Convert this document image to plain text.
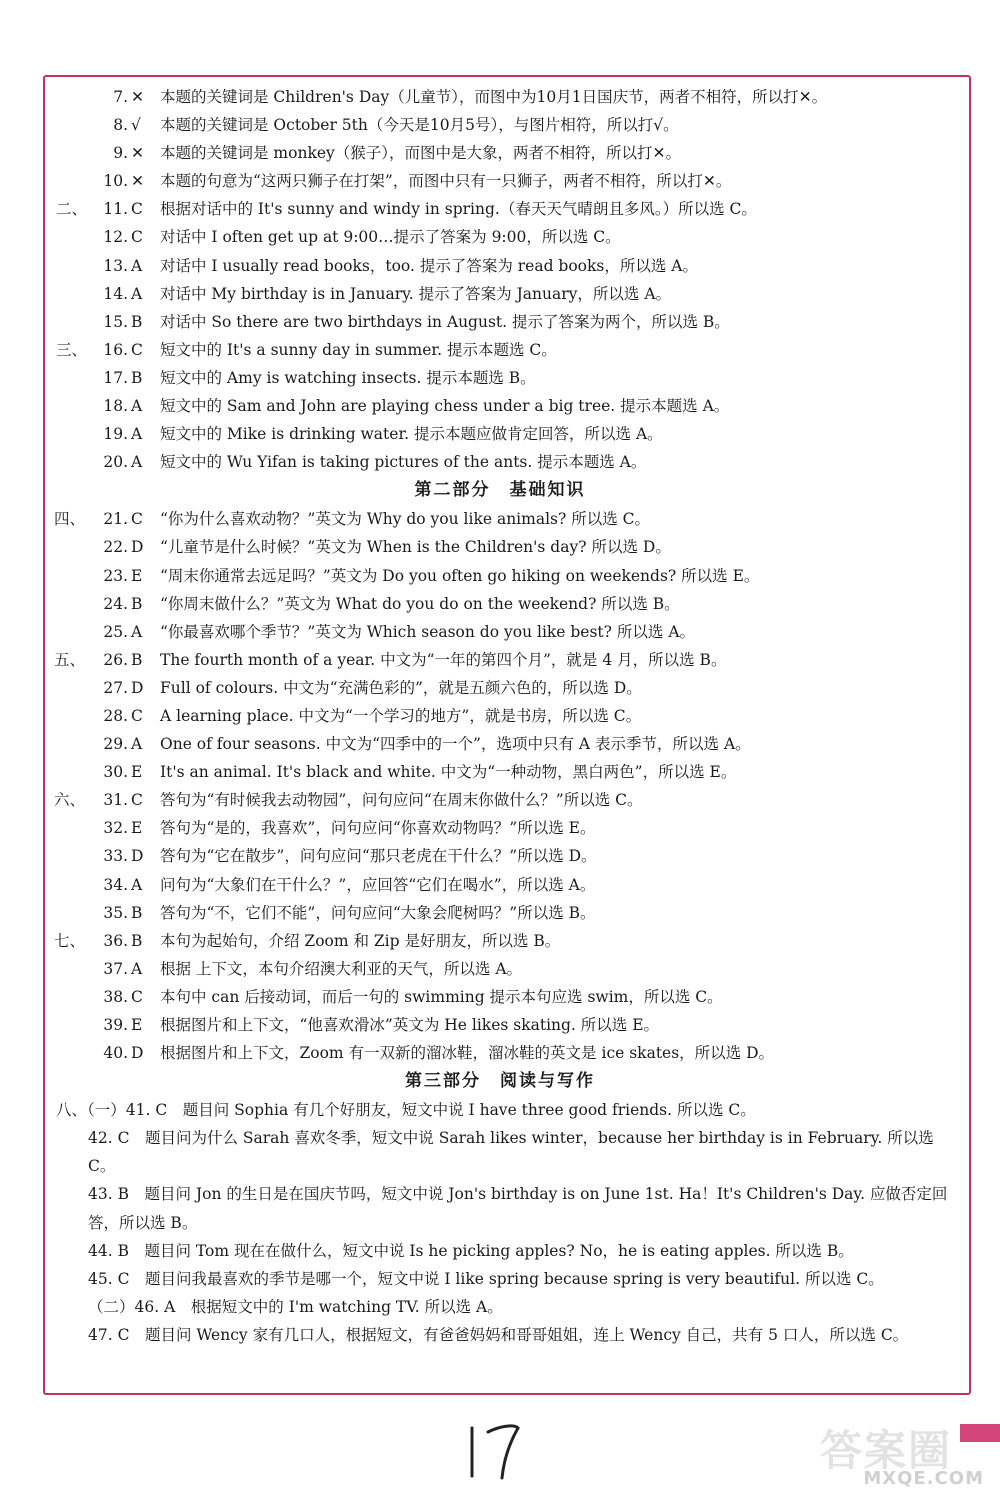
7. ✕	本题的关键词是 Children's Day（儿童节），而图中为10月1日国庆节，两者不相符，所以打✕。
8. √	本题的关键词是 October 5th（今天是10月5号），与图片相符，所以打√。
9. ✕	本题的关键词是 monkey（猴子），而图中是大象，两者不相符，所以打✕。
10. ✕	本题的句意为“这两只狮子在打架”，而图中只有一只狮子，两者不相符，所以打✕。
二、	11. C	根据对话中的 It's sunny and windy in spring.（春天天气晴朗且多风。）所以选 C。
12. C	对话中 I often get up at 9:00…提示了答案为 9:00，所以选 C。
13. A	对话中 I usually read books，too. 提示了答案为 read books，所以选 A。
14. A	对话中 My birthday is in January. 提示了答案为 January，所以选 A。
15. B	对话中 So there are two birthdays in August. 提示了答案为两个，所以选 B。
三、	16. C	短文中的 It's a sunny day in summer. 提示本题选 C。
17. B	短文中的 Amy is watching insects. 提示本题选 B。
18. A	短文中的 Sam and John are playing chess under a big tree. 提示本题选 A。
19. A	短文中的 Mike is drinking water. 提示本题应做肯定回答，所以选 A。
20. A	短文中的 Wu Yifan is taking pictures of the ants. 提示本题选 A。
第二部分　基础知识
四、	21. C	“你为什么喜欢动物？”英文为 Why do you like animals? 所以选 C。
22. D	“儿童节是什么时候？”英文为 When is the Children's day? 所以选 D。
23. E	“周末你通常去远足吗？”英文为 Do you often go hiking on weekends? 所以选 E。
24. B	“你周末做什么？”英文为 What do you do on the weekend? 所以选 B。
25. A	“你最喜欢哪个季节？”英文为 Which season do you like best? 所以选 A。
五、	26. B	The fourth month of a year. 中文为“一年的第四个月”，就是 4 月，所以选 B。
27. D	Full of colours. 中文为“充满色彩的”，就是五颜六色的，所以选 D。
28. C	A learning place. 中文为“一个学习的地方”，就是书房，所以选 C。
29. A	One of four seasons. 中文为“四季中的一个”，选项中只有 A 表示季节，所以选 A。
30. E	It's an animal. It's black and white. 中文为“一种动物，黑白两色”，所以选 E。
六、	31. C	答句为“有时候我去动物园”，问句应问“在周末你做什么？”所以选 C。
32. E	答句为“是的，我喜欢”，问句应问“你喜欢动物吗？”所以选 E。
33. D	答句为“它在散步”，问句应问“那只老虎在干什么？”所以选 D。
34. A	问句为“大象们在干什么？”，应回答“它们在喝水”，所以选 A。
35. B	答句为“不，它们不能”，问句应问“大象会爬树吗？”所以选 B。
七、	36. B	本句为起始句，介绍 Zoom 和 Zip 是好朋友，所以选 B。
37. A	根据 上下文，本句介绍澳大利亚的天气，所以选 A。
38. C	本句中 can 后接动词，而后一句的 swimming 提示本句应选 swim，所以选 C。
39. E	根据图片和上下文，“他喜欢滑冰”英文为 He likes skating. 所以选 E。
40. D	根据图片和上下文，Zoom 有一双新的溜冰鞋，溜冰鞋的英文是 ice skates，所以选 D。
第三部分　阅读与写作
八、（一）41. C　 题目问 Sophia 有几个好朋友，短文中说 I have three good friends. 所以选 C。
42. C　 题目问为什么 Sarah 喜欢冬季，短文中说 Sarah likes winter，because her birthday is in February. 所以选 C。
43. B　 题目问 Jon 的生日是在国庆节吗，短文中说 Jon's birthday is on June 1st. Ha！It's Children's Day. 应做否定回答，所以选 B。
44. B　 题目问 Tom 现在在做什么，短文中说 Is he picking apples? No，he is eating apples. 所以选 B。
45. C　 题目问我最喜欢的季节是哪一个，短文中说 I like spring because spring is very beautiful. 所以选 C。
（二）46. A　 根据短文中的 I'm watching TV. 所以选 A。
47. C　 题目问 Wency 家有几口人，根据短文，有爸爸妈妈和哥哥姐姐，连上 Wency 自己，共有 5 口人，所以选 C。
17
答案圈
MXQE.COM
